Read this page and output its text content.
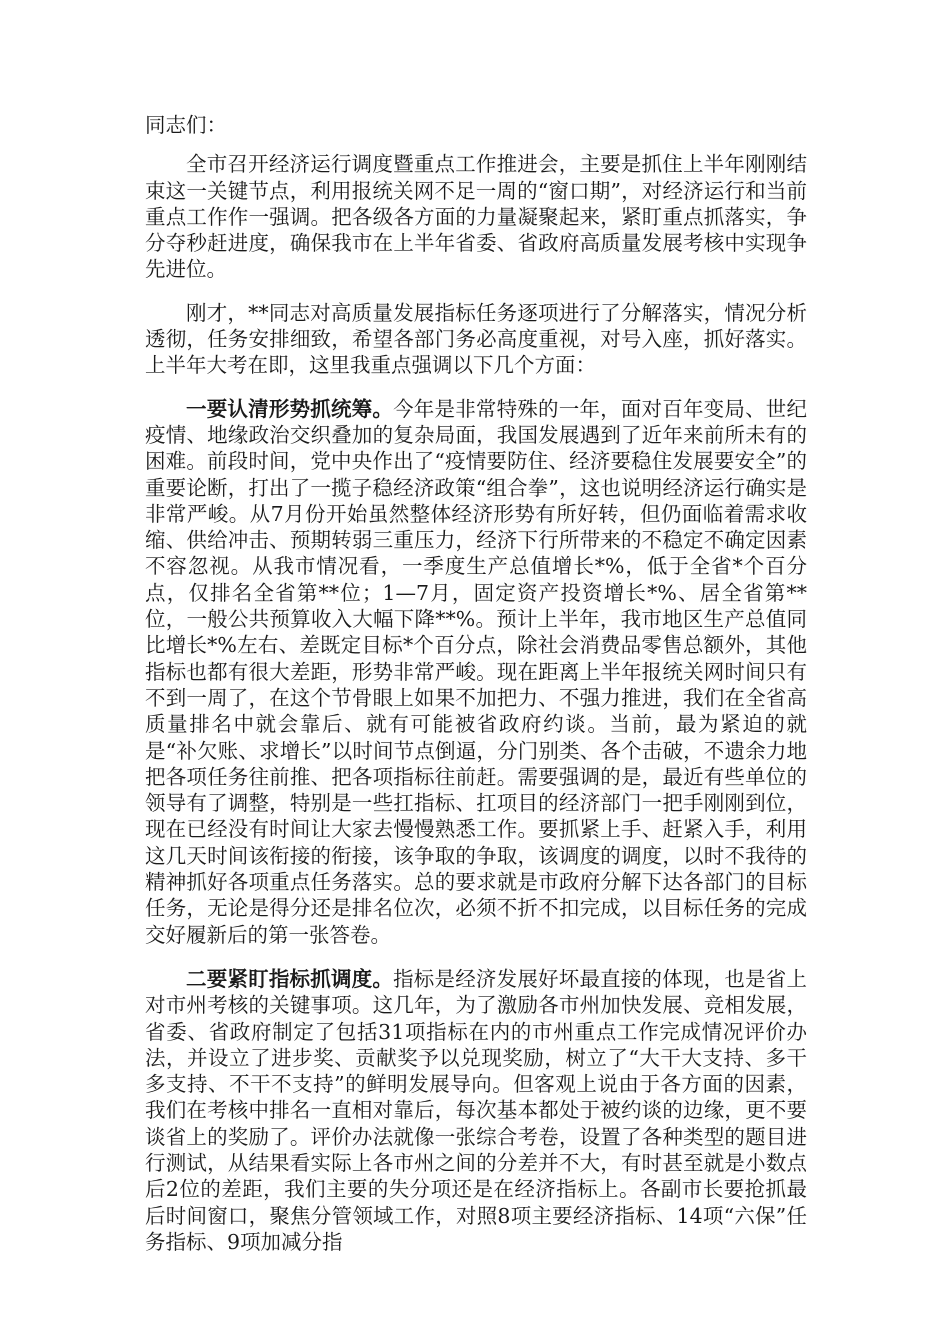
同志们：

全市召开经济运行调度暨重点工作推进会，主要是抓住上半年刚刚结束这一关键节点，利用报统关网不足一周的“窗口期”，对经济运行和当前重点工作作一强调。把各级各方面的力量凝聚起来，紧盯重点抓落实，争分夺秒赶进度，确保我市在上半年省委、省政府高质量发展考核中实现争先进位。

刚才，**同志对高质量发展指标任务逐项进行了分解落实，情况分析透彻，任务安排细致，希望各部门务必高度重视，对号入座，抓好落实。上半年大考在即，这里我重点强调以下几个方面：

一要认清形势抓统筹。今年是非常特殊的一年，面对百年变局、世纪疫情、地缘政治交织叠加的复杂局面，我国发展遇到了近年来前所未有的困难。前段时间，党中央作出了“疫情要防住、经济要稳住发展要安全”的重要论断，打出了一揽子稳经济政策“组合拳”，这也说明经济运行确实是非常严峻。从7月份开始虽然整体经济形势有所好转，但仍面临着需求收缩、供给冲击、预期转弱三重压力，经济下行所带来的不稳定不确定因素不容忽视。从我市情况看，一季度生产总值增长*%，低于全省*个百分点，仅排名全省第**位；1—7月，固定资产投资增长*%、居全省第**位，一般公共预算收入大幅下降**%。预计上半年，我市地区生产总值同比增长*%左右、差既定目标*个百分点，除社会消费品零售总额外，其他指标也都有很大差距，形势非常严峻。现在距离上半年报统关网时间只有不到一周了，在这个节骨眼上如果不加把力、不强力推进，我们在全省高质量排名中就会靠后、就有可能被省政府约谈。当前，最为紧迫的就是“补欠账、求增长”以时间节点倒逼，分门别类、各个击破，不遗余力地把各项任务往前推、把各项指标往前赶。需要强调的是，最近有些单位的领导有了调整，特别是一些扛指标、扛项目的经济部门一把手刚刚到位，现在已经没有时间让大家去慢慢熟悉工作。要抓紧上手、赶紧入手，利用这几天时间该衔接的衔接，该争取的争取，该调度的调度，以时不我待的精神抓好各项重点任务落实。总的要求就是市政府分解下达各部门的目标任务，无论是得分还是排名位次，必须不折不扣完成，以目标任务的完成交好履新后的第一张答卷。

二要紧盯指标抓调度。指标是经济发展好坏最直接的体现，也是省上对市州考核的关键事项。这几年，为了激励各市州加快发展、竞相发展，省委、省政府制定了包括31项指标在内的市州重点工作完成情况评价办法，并设立了进步奖、贡献奖予以兑现奖励，树立了“大干大支持、多干多支持、不干不支持”的鲜明发展导向。但客观上说由于各方面的因素，我们在考核中排名一直相对靠后，每次基本都处于被约谈的边缘，更不要谈省上的奖励了。评价办法就像一张综合考卷，设置了各种类型的题目进行测试，从结果看实际上各市州之间的分差并不大，有时甚至就是小数点后2位的差距，我们主要的失分项还是在经济指标上。各副市长要抢抓最后时间窗口，聚焦分管领域工作，对照8项主要经济指标、14项“六保”任务指标、9项加减分指
